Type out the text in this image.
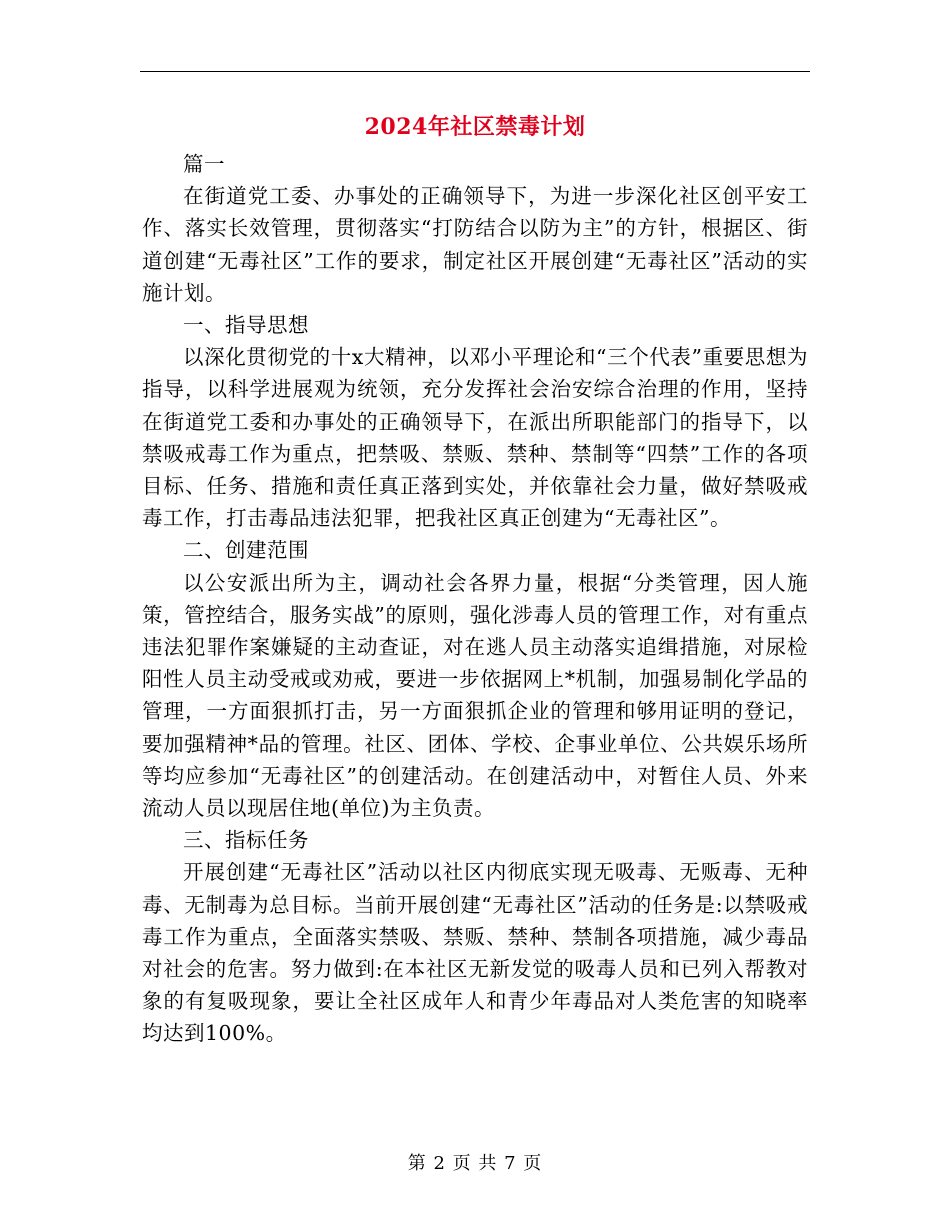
2024年社区禁毒计划

篇一

在街道党工委、办事处的正确领导下，为进一步深化社区创平安工作、落实长效管理，贯彻落实“打防结合以防为主”的方针，根据区、街道创建“无毒社区”工作的要求，制定社区开展创建“无毒社区”活动的实施计划。

一、指导思想

以深化贯彻党的十x大精神，以邓小平理论和“三个代表”重要思想为指导，以科学进展观为统领，充分发挥社会治安综合治理的作用，坚持在街道党工委和办事处的正确领导下，在派出所职能部门的指导下，以禁吸戒毒工作为重点，把禁吸、禁贩、禁种、禁制等“四禁”工作的各项目标、任务、措施和责任真正落到实处，并依靠社会力量，做好禁吸戒毒工作，打击毒品违法犯罪，把我社区真正创建为“无毒社区”。

二、创建范围

以公安派出所为主，调动社会各界力量，根据“分类管理，因人施策，管控结合，服务实战”的原则，强化涉毒人员的管理工作，对有重点违法犯罪作案嫌疑的主动查证，对在逃人员主动落实追缉措施，对尿检阳性人员主动受戒或劝戒，要进一步依据网上*机制，加强易制化学品的管理，一方面狠抓打击，另一方面狠抓企业的管理和够用证明的登记，要加强精神*品的管理。社区、团体、学校、企事业单位、公共娱乐场所等均应参加“无毒社区”的创建活动。在创建活动中，对暂住人员、外来流动人员以现居住地(单位)为主负责。

三、指标任务

开展创建“无毒社区”活动以社区内彻底实现无吸毒、无贩毒、无种毒、无制毒为总目标。当前开展创建“无毒社区”活动的任务是:以禁吸戒毒工作为重点，全面落实禁吸、禁贩、禁种、禁制各项措施，减少毒品对社会的危害。努力做到:在本社区无新发觉的吸毒人员和已列入帮教对象的有复吸现象，要让全社区成年人和青少年毒品对人类危害的知晓率均达到100%。

第 2 页 共 7 页
